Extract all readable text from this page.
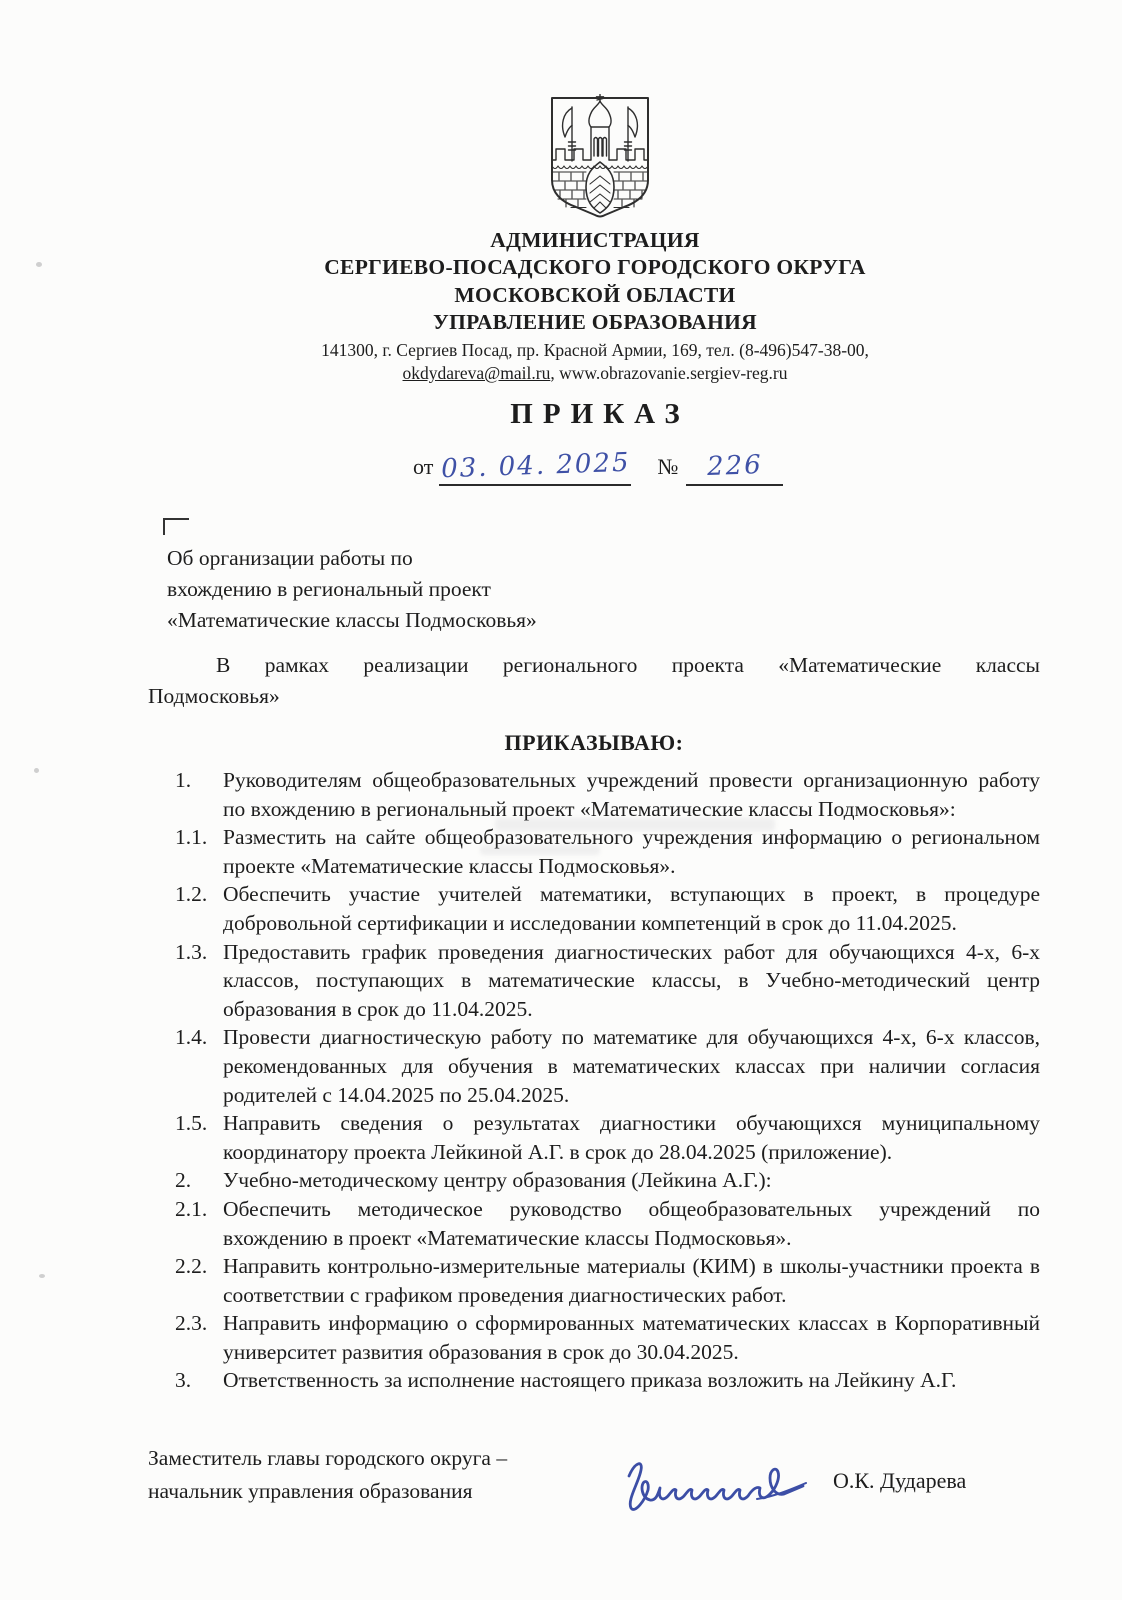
АДМИНИСТРАЦИЯ
СЕРГИЕВО-ПОСАДСКОГО ГОРОДСКОГО ОКРУГА
МОСКОВСКОЙ ОБЛАСТИ
УПРАВЛЕНИЕ ОБРАЗОВАНИЯ
141300, г. Сергиев Посад, пр. Красной Армии, 169, тел. (8-496)547-38-00,
okdydareva@mail.ru, www.obrazovanie.sergiev-reg.ru
ПРИКАЗ
от 03. 04. 2025 №	226
Об организации работы по
вхождению в региональный проект
«Математические классы Подмосковья»
В рамках реализации регионального проекта «Математические классы
Подмосковья»
ПРИКАЗЫВАЮ:
1.	Руководителям общеобразовательных учреждений провести организационную работу по вхождению в региональный проект «Математические классы Подмосковья»:
1.1. Разместить на сайте общеобразовательного учреждения информацию о региональном проекте «Математические классы Подмосковья».
1.2. Обеспечить участие учителей математики, вступающих в проект, в процедуре добровольной сертификации и исследовании компетенций в срок до 11.04.2025.
1.3. Предоставить график проведения диагностических работ для обучающихся 4-х, 6-х классов, поступающих в математические классы, в Учебно-методический центр образования в срок до 11.04.2025.
1.4. Провести диагностическую работу по математике для обучающихся 4-х, 6-х классов, рекомендованных для обучения в математических классах при наличии согласия родителей с 14.04.2025 по 25.04.2025.
1.5. Направить сведения о результатах диагностики обучающихся муниципальному координатору проекта Лейкиной А.Г. в срок до 28.04.2025 (приложение).
2.	Учебно-методическому центру образования (Лейкина А.Г.):
2.1. Обеспечить методическое руководство общеобразовательных учреждений по вхождению в проект «Математические классы Подмосковья».
2.2. Направить контрольно-измерительные материалы (КИМ) в школы-участники проекта в соответствии с графиком проведения диагностических работ.
2.3. Направить информацию о сформированных математических классах в Корпоративный университет развития образования в срок до 30.04.2025.
3.	Ответственность за исполнение настоящего приказа возложить на Лейкину А.Г.
Заместитель главы городского округа –
начальник управления образования	О.К. Дударева
